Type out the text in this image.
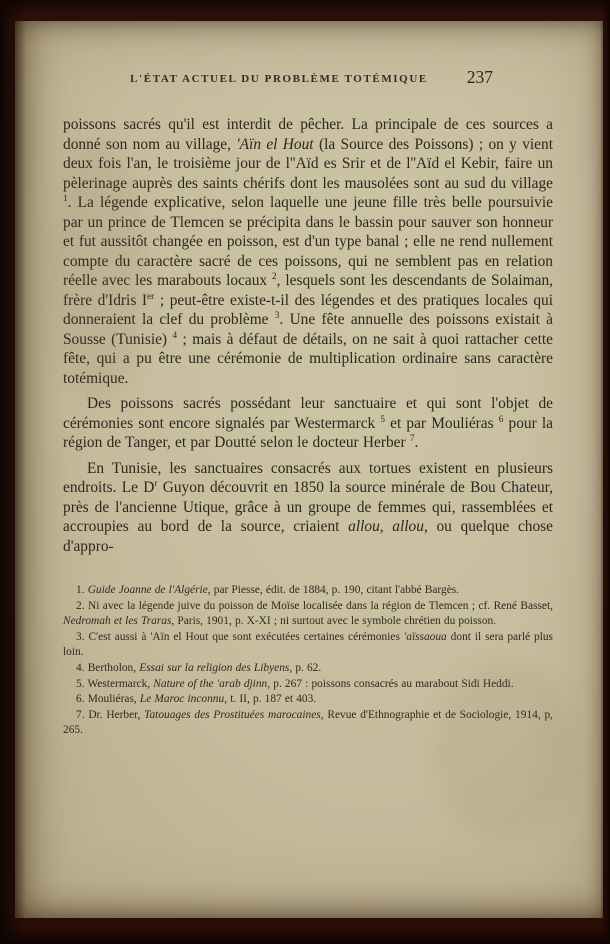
L'ÉTAT ACTUEL DU PROBLÈME TOTÉMIQUE	237

poissons sacrés qu'il est interdit de pêcher. La principale de ces sources a donné son nom au village, 'Aïn el Hout (la Source des Poissons) ; on y vient deux fois l'an, le troisième jour de l''Aïd es Srir et de l''Aïd el Kebir, faire un pèlerinage auprès des saints chérifs dont les mausolées sont au sud du village $^1$. La légende explicative, selon laquelle une jeune fille très belle poursuivie par un prince de Tlemcen se précipita dans le bassin pour sauver son honneur et fut aussitôt changée en poisson, est d'un type banal ; elle ne rend nullement compte du caractère sacré de ces poissons, qui ne semblent pas en relation réelle avec les marabouts locaux $^2$, lesquels sont les descendants de Solaiman, frère d'Idris Ier ; peut-être existe-t-il des légendes et des pratiques locales qui donneraient la clef du problème $^3$. Une fête annuelle des poissons existait à Sousse (Tunisie) $^4$ ; mais à défaut de détails, on ne sait à quoi rattacher cette fête, qui a pu être une cérémonie de multiplication ordinaire sans caractère totémique.

Des poissons sacrés possédant leur sanctuaire et qui sont l'objet de cérémonies sont encore signalés par Westermarck $^5$ et par Mouliéras $^6$ pour la région de Tanger, et par Doutté selon le docteur Herber $^7$.

En Tunisie, les sanctuaires consacrés aux tortues existent en plusieurs endroits. Le $D^r$ Guyon découvrit en 1850 la source minérale de Bou Chateur, près de l'ancienne Utique, grâce à un groupe de femmes qui, rassemblées et accroupies au bord de la source, criaient allou, allou, ou quelque chose d'appro-

1. Guide Joanne de l'Algérie, par Piesse, édit. de 1884, p. 190, citant l'abbé Bargès.

2. Ni avec la légende juive du poisson de Moïse localisée dans la région de Tlemcen ; cf. René Basset, Nedromah et les Traras, Paris, 1901, p. X-XI ; ni surtout avec le symbole chrétien du poisson.

3. C'est aussi à 'Aïn el Hout que sont exécutées certaines cérémonies 'aïssaoua dont il sera parlé plus loin.

4. Bertholon, Essai sur la religion des Libyens, p. 62.

5. Westermarck, Nature of the 'arab djinn, p. 267 : poissons consacrés au marabout Sidi Heddi.

6. Mouliéras, Le Maroc inconnu, t. II, p. 187 et 403.

7. Dr. Herber, Tatouages des Prostituées marocaines, Revue d'Ethnographie et de Sociologie, 1914, p, 265.
